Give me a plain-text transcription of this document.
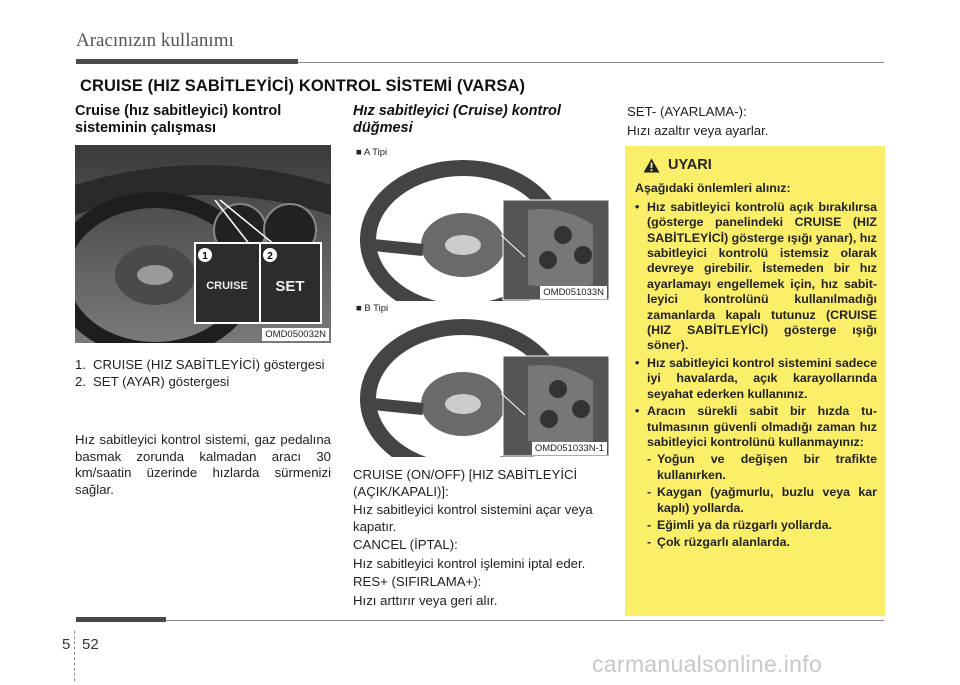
Aracınızın kullanımı
CRUISE (HIZ SABİTLEYİCİ) KONTROL SİSTEMİ (VARSA)
Cruise (hız sabitleyici) kontrol sisteminin çalışması
1	2
CRUISE SET
OMD050032N
1. CRUISE (HIZ SABİTLEYİCİ) göstergesi
2. SET (AYAR) göstergesi
Hız sabitleyici kontrol sistemi, gaz pedalına basmak zorunda kalmadan aracı 30 km/saatin üzerinde hızlarda sürmenizi sağlar.
Hız sabitleyici (Cruise) kontrol düğmesi
■ A Tipi
OMD051033N
■ B Tipi
OMD051033N-1

CRUISE (ON/OFF) [HIZ SABİTLEYİCİ (AÇIK/KAPALI)]:

Hız sabitleyici kontrol sistemini açar veya kapatır.

CANCEL (İPTAL):

Hız sabitleyici kontrol işlemini iptal eder.

RES+ (SIFIRLAMA+):

Hızı arttırır veya geri alır.

SET- (AYARLAMA-):
Hızı azaltır veya ayarlar.
UYARI
Aşağıdaki önlemleri alınız:
• Hız sabitleyici kontrolü açık bırakılırsa (gösterge panelindeki CRUISE (HIZ SABİTLEYİCİ) gösterge ışığı yanar), hız sabitleyici kontrolü istemsiz olarak devreye girebilir. İstemeden bir hız ayarlamayı engellemek için, hız sabitleyici kontrolünü kullanılmadığı zamanlarda kapalı tutunuz (CRUISE (HIZ SABİTLEYİCİ) gösterge ışığı söner).
• Hız sabitleyici kontrol sistemini sadece iyi havalarda, açık karayollarında seyahat ederken kullanınız.
• Aracın sürekli sabit bir hızda tutulmasının güvenli olmadığı zaman hız sabitleyici kontrolünü kullanmayınız:
- Yoğun ve değişen bir trafikte kullanırken.
- Kaygan (yağmurlu, buzlu veya kar kaplı) yollarda.
- Eğimli ya da rüzgarlı yollarda.
- Çok rüzgarlı alanlarda.
5 52
carmanualsonline.info
